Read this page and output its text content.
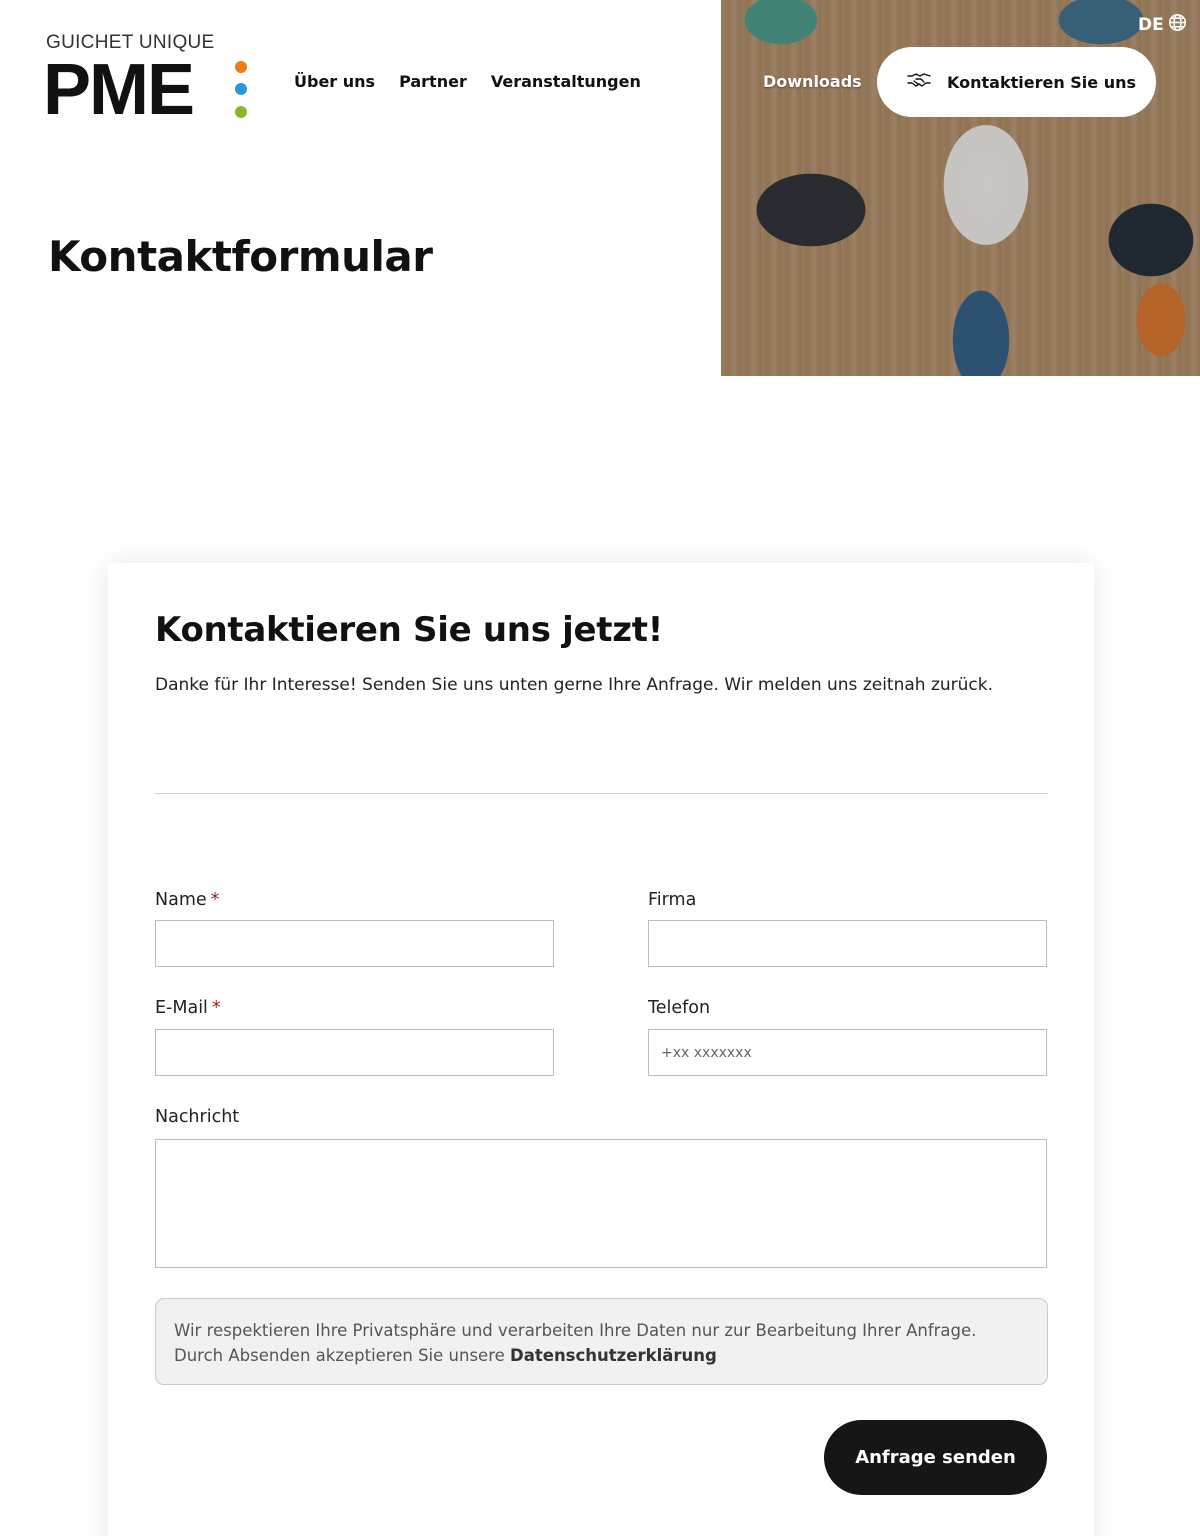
GUICHET UNIQUE
PME	Über uns Partner Veranstaltungen
DE
Downloads	Kontaktieren Sie uns
Kontaktformular
Kontaktieren Sie uns jetzt!

Danke für Ihr Interesse! Senden Sie uns unten gerne Ihre Anfrage. Wir melden uns zeitnah zurück.

Name *	Firma
E-Mail *	Telefon
+xx xxxxxxx
Nachricht
Wir respektieren Ihre Privatsphäre und verarbeiten Ihre Daten nur zur Bearbeitung Ihrer Anfrage.
Durch Absenden akzeptieren Sie unsere Datenschutzerklärung
Anfrage senden
